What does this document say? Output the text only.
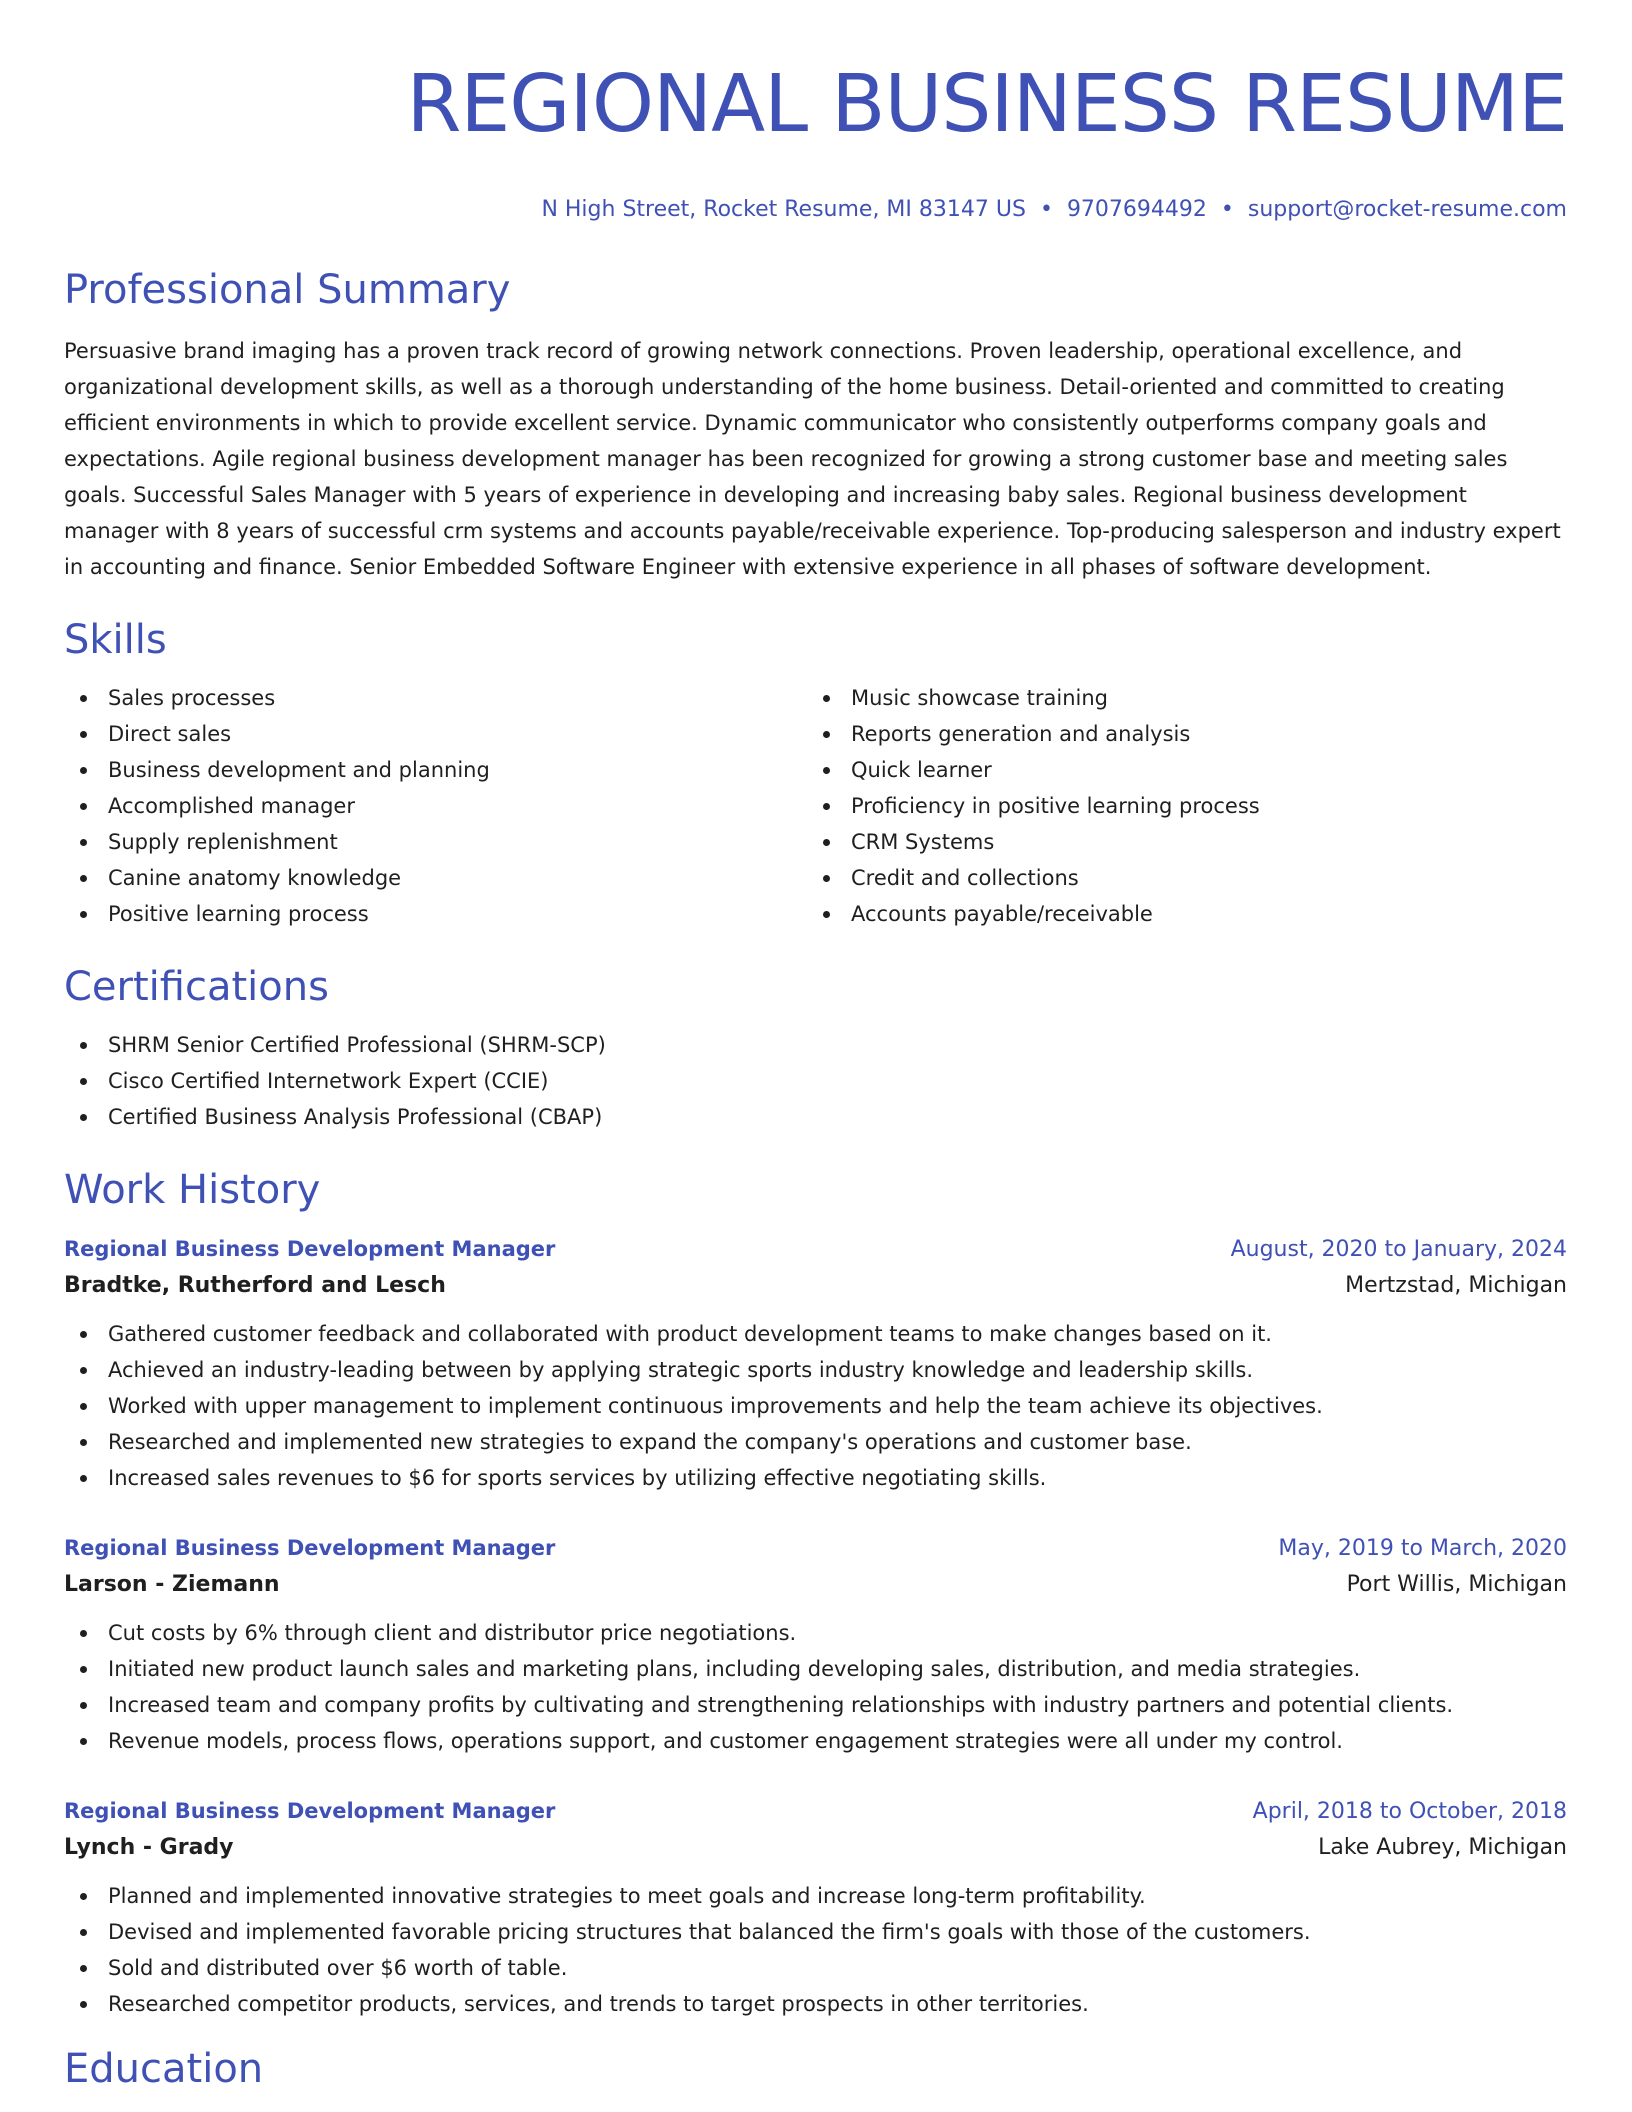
REGIONAL BUSINESS RESUME
N High Street, Rocket Resume, MI 83147 US • 9707694492 • support@rocket-resume.com
Professional Summary

Persuasive brand imaging has a proven track record of growing network connections. Proven leadership, operational excellence, and organizational development skills, as well as a thorough understanding of the home business. Detail-oriented and committed to creating efficient environments in which to provide excellent service. Dynamic communicator who consistently outperforms company goals and expectations. Agile regional business development manager has been recognized for growing a strong customer base and meeting sales goals. Successful Sales Manager with 5 years of experience in developing and increasing baby sales. Regional business development manager with 8 years of successful crm systems and accounts payable/receivable experience. Top-producing salesperson and industry expert in accounting and finance. Senior Embedded Software Engineer with extensive experience in all phases of software development.

Skills
Sales processes
Direct sales
Business development and planning
Accomplished manager
Supply replenishment
Canine anatomy knowledge
Positive learning process
Music showcase training
Reports generation and analysis
Quick learner
Proficiency in positive learning process
CRM Systems
Credit and collections
Accounts payable/receivable
Certifications
SHRM Senior Certified Professional (SHRM-SCP)
Cisco Certified Internetwork Expert (CCIE)
Certified Business Analysis Professional (CBAP)
Work History
Regional Business Development Manager	August, 2020 to January, 2024
Bradtke, Rutherford and Lesch	Mertzstad, Michigan
Gathered customer feedback and collaborated with product development teams to make changes based on it.
Achieved an industry-leading between by applying strategic sports industry knowledge and leadership skills.
Worked with upper management to implement continuous improvements and help the team achieve its objectives.
Researched and implemented new strategies to expand the company's operations and customer base.
Increased sales revenues to $6 for sports services by utilizing effective negotiating skills.
Regional Business Development Manager	May, 2019 to March, 2020
Larson - Ziemann	Port Willis, Michigan
Cut costs by 6% through client and distributor price negotiations.
Initiated new product launch sales and marketing plans, including developing sales, distribution, and media strategies.
Increased team and company profits by cultivating and strengthening relationships with industry partners and potential clients.
Revenue models, process flows, operations support, and customer engagement strategies were all under my control.
Regional Business Development Manager	April, 2018 to October, 2018
Lynch - Grady	Lake Aubrey, Michigan
Planned and implemented innovative strategies to meet goals and increase long-term profitability.
Devised and implemented favorable pricing structures that balanced the firm's goals with those of the customers.
Sold and distributed over $6 worth of table.
Researched competitor products, services, and trends to target prospects in other territories.
Education
